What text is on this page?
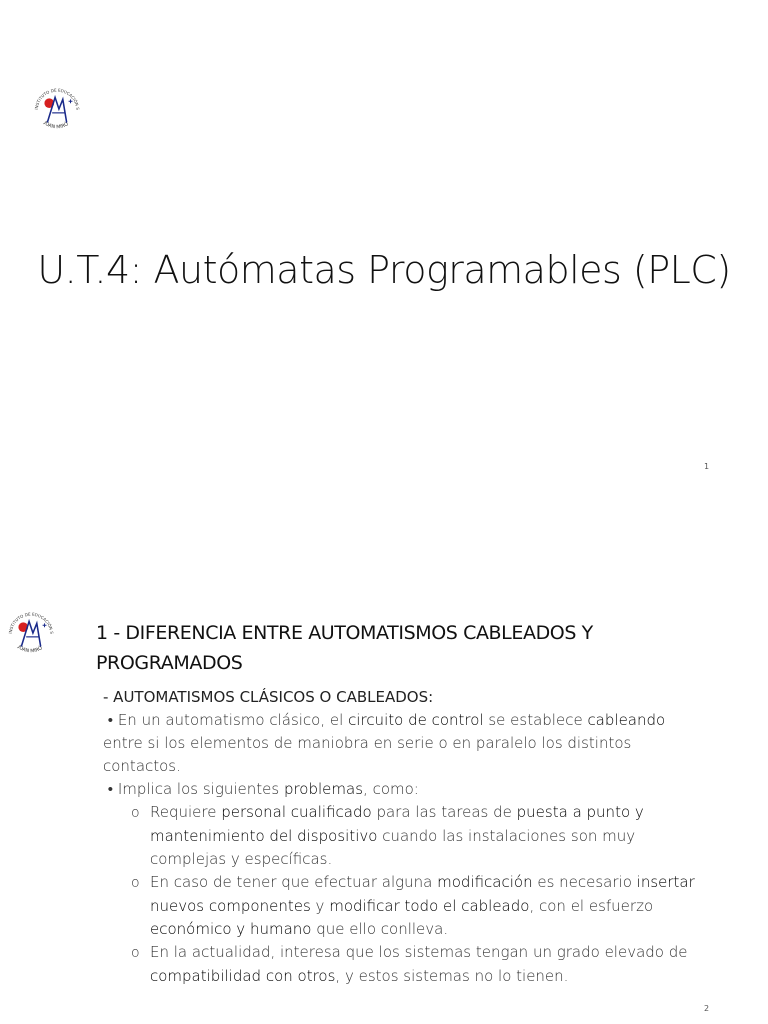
INSTITUTO DE EDUCACIÓN S
JOAN MIRÓ
U.T.4: Autómatas Programables (PLC)
1
INSTITUTO DE EDUCACIÓN S
JOAN MIRÓ
1 - DIFERENCIA ENTRE AUTOMATISMOS CABLEADOS Y PROGRAMADOS
- AUTOMATISMOS CLÁSICOS O CABLEADOS:
• En un automatismo clásico, el circuito de control se establece cableando
entre si los elementos de maniobra en serie o en paralelo los distintos
contactos.
• Implica los siguientes problemas, como:
o Requiere personal cualificado para las tareas de puesta a punto y
mantenimiento del dispositivo cuando las instalaciones son muy
complejas y específicas.
o En caso de tener que efectuar alguna modificación es necesario insertar
nuevos componentes y modificar todo el cableado, con el esfuerzo
económico y humano que ello conlleva.
o En la actualidad, interesa que los sistemas tengan un grado elevado de
compatibilidad con otros, y estos sistemas no lo tienen.
2
